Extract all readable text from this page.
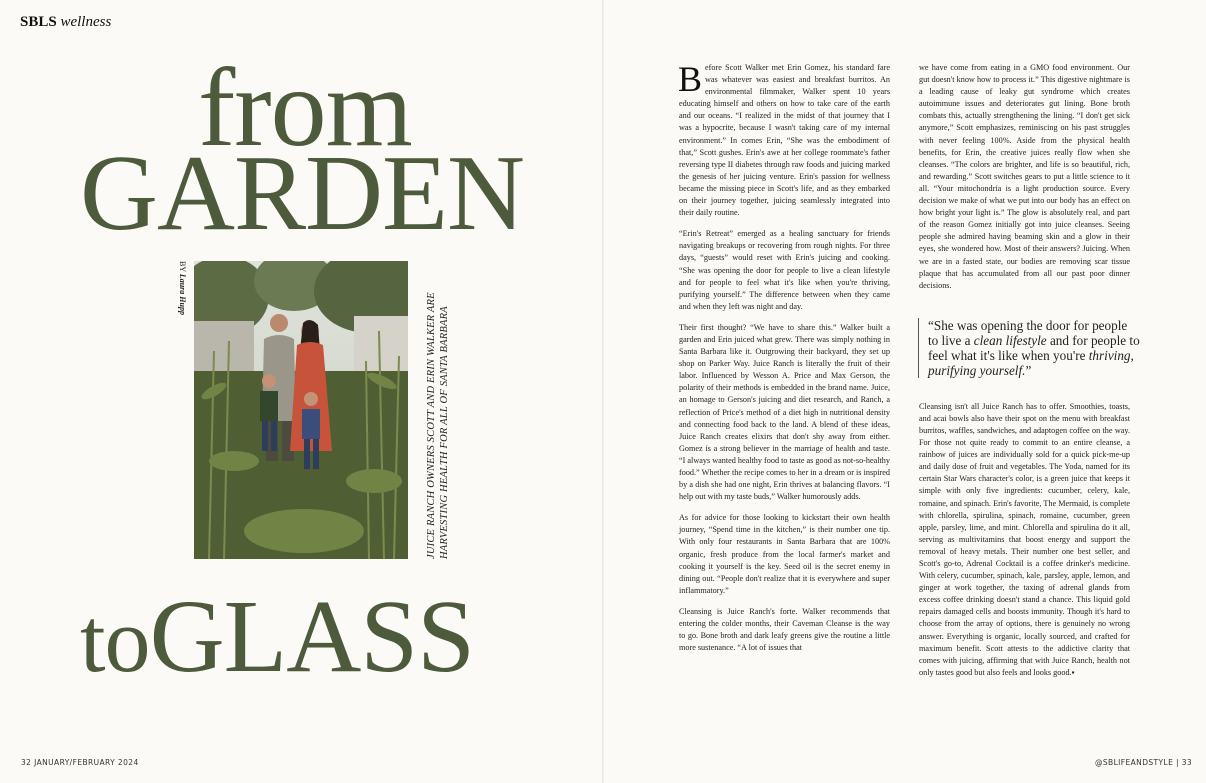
SBLS wellness
from
GARDEN
toGLASS
BY Laura Hupp	JUICE RANCH OWNERS SCOTT AND ERIN WALKER ARE HARVESTING HEALTH FOR ALL OF SANTA BARBARA

Before Scott Walker met Erin Gomez, his standard fare was whatever was easiest and breakfast burritos. An environmental filmmaker, Walker spent 10 years educating himself and others on how to take care of the earth and our oceans. “I realized in the midst of that journey that I was a hypocrite, because I wasn't taking care of my internal environment.” In comes Erin, “She was the embodiment of that,” Scott gushes. Erin's awe at her college roommate's father reversing type II diabetes through raw foods and juicing marked the genesis of her juicing venture. Erin's passion for wellness became the missing piece in Scott's life, and as they embarked on their journey together, juicing seamlessly integrated into their daily routine.

“Erin's Retreat” emerged as a healing sanctuary for friends navigating breakups or recovering from rough nights. For three days, “guests” would reset with Erin's juicing and cooking. “She was opening the door for people to live a clean lifestyle and for people to feel what it's like when you're thriving, purifying yourself.” The difference between when they came and when they left was night and day.

Their first thought? “We have to share this.” Walker built a garden and Erin juiced what grew. There was simply nothing in Santa Barbara like it. Outgrowing their backyard, they set up shop on Parker Way. Juice Ranch is literally the fruit of their labor. Influenced by Wesson A. Price and Max Gerson, the polarity of their methods is embedded in the brand name. Juice, an homage to Gerson's juicing and diet research, and Ranch, a reflection of Price's method of a diet high in nutritional density and connecting food back to the land. A blend of these ideas, Juice Ranch creates elixirs that don't shy away from either. Gomez is a strong believer in the marriage of health and taste. “I always wanted healthy food to taste as good as not-so-healthy food.” Whether the recipe comes to her in a dream or is inspired by a dish she had one night, Erin thrives at balancing flavors. “I help out with my taste buds,” Walker humorously adds.

As for advice for those looking to kickstart their own health journey, “Spend time in the kitchen,” is their number one tip. With only four restaurants in Santa Barbara that are 100% organic, fresh produce from the local farmer's market and cooking it yourself is the key. Seed oil is the secret enemy in dining out. “People don't realize that it is everywhere and super inflammatory.”

Cleansing is Juice Ranch's forte. Walker recommends that entering the colder months, their Caveman Cleanse is the way to go. Bone broth and dark leafy greens give the routine a little more sustenance. “A lot of issues that

we have come from eating in a GMO food environment. Our gut doesn't know how to process it.” This digestive nightmare is a leading cause of leaky gut syndrome which creates autoimmune issues and deteriorates gut lining. Bone broth combats this, actually strengthening the lining. “I don't get sick anymore,” Scott emphasizes, reminiscing on his past struggles with never feeling 100%. Aside from the physical health benefits, for Erin, the creative juices really flow when she cleanses. “The colors are brighter, and life is so beautiful, rich, and rewarding.” Scott switches gears to put a little science to it all. “Your mitochondria is a light production source. Every decision we make of what we put into our body has an effect on how bright your light is.” The glow is absolutely real, and part of the reason Gomez initially got into juice cleanses. Seeing people she admired having beaming skin and a glow in their eyes, she wondered how. Most of their answers? Juicing. When we are in a fasted state, our bodies are removing scar tissue plaque that has accumulated from all our past poor dinner decisions.

Cleansing isn't all Juice Ranch has to offer. Smoothies, toasts, and acai bowls also have their spot on the menu with breakfast burritos, waffles, sandwiches, and adaptogen coffee on the way. For those not quite ready to commit to an entire cleanse, a rainbow of juices are individually sold for a quick pick-me-up and daily dose of fruit and vegetables. The Yoda, named for its certain Star Wars character's color, is a green juice that keeps it simple with only five ingredients: cucumber, celery, kale, romaine, and spinach. Erin's favorite, The Mermaid, is complete with chlorella, spirulina, spinach, romaine, cucumber, green apple, parsley, lime, and mint. Chlorella and spirulina do it all, serving as multivitamins that boost energy and support the removal of heavy metals. Their number one best seller, and Scott's go-to, Adrenal Cocktail is a coffee drinker's medicine. With celery, cucumber, spinach, kale, parsley, apple, lemon, and ginger at work together, the taxing of adrenal glands from excess coffee drinking doesn't stand a chance. This liquid gold repairs damaged cells and boosts immunity. Though it's hard to choose from the array of options, there is genuinely no wrong answer. Everything is organic, locally sourced, and crafted for maximum benefit. Scott attests to the addictive clarity that comes with juicing, affirming that with Juice Ranch, health not only tastes good but also feels and looks good.▪

“She was opening the door for people to live a clean lifestyle and for people to feel what it's like when you're thriving, purifying yourself.”
32 JANUARY/FEBRUARY 2024	@SBLIFEANDSTYLE | 33
